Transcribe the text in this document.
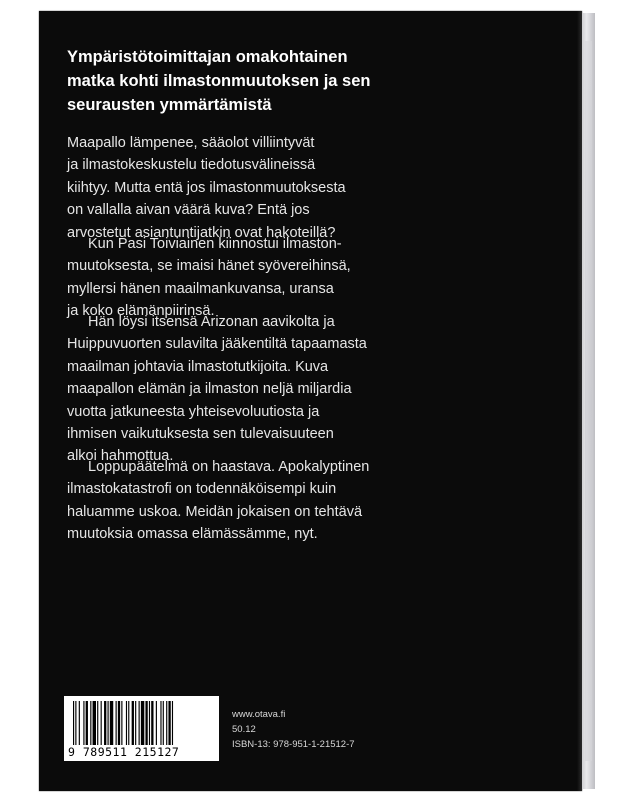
Ympäristötoimittajan omakohtainen
matka kohti ilmastonmuutoksen ja sen
seurausten ymmärtämistä

Maapallo lämpenee, sääolot villiintyvät
ja ilmastokeskustelu tiedotusvälineissä
kiihtyy. Mutta entä jos ilmastonmuutoksesta
on vallalla aivan väärä kuva? Entä jos
arvostetut asiantuntijatkin ovat hakoteillä?

Kun Pasi Toiviainen kiinnostui ilmaston-
muutoksesta, se imaisi hänet syövereihinsä,
myllersi hänen maailmankuvansa, uransa
ja koko elämänpiirinsä.

Hän löysi itsensä Arizonan aavikolta ja
Huippuvuorten sulavilta jääkentiltä tapaamasta
maailman johtavia ilmastotutkijoita. Kuva
maapallon elämän ja ilmaston neljä miljardia
vuotta jatkuneesta yhteisevoluutiosta ja
ihmisen vaikutuksesta sen tulevaisuuteen
alkoi hahmottua.

Loppupäätelmä on haastava. Apokalyptinen
ilmastokatastrofi on todennäköisempi kuin
haluamme uskoa. Meidän jokaisen on tehtävä
muutoksia omassa elämässämme, nyt.

9 789511 215127
www.otava.fi
50.12
ISBN-13: 978-951-1-21512-7
